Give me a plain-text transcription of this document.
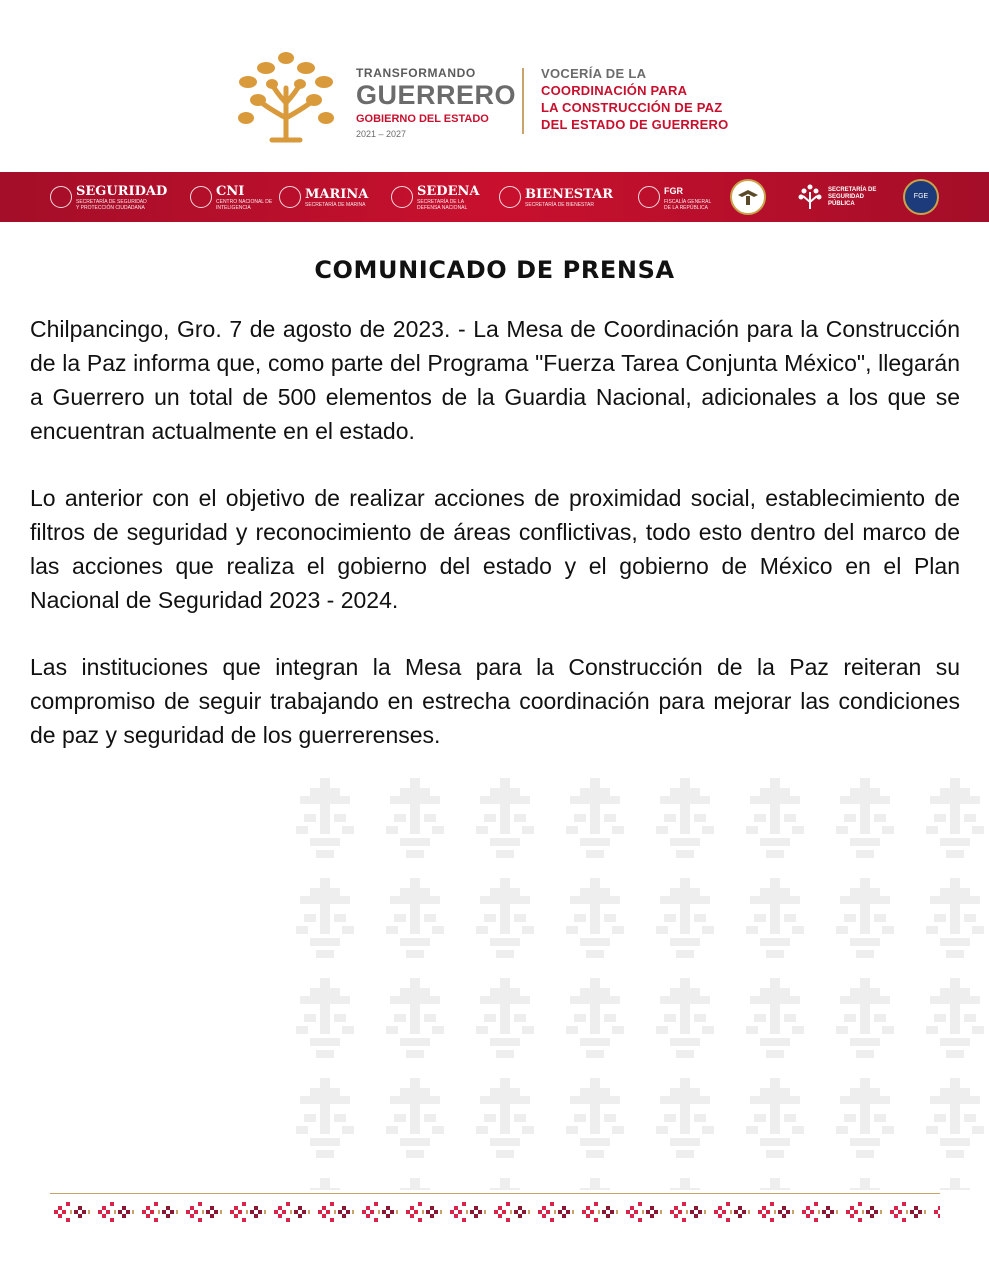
TRANSFORMANDO
GUERRERO
GOBIERNO DEL ESTADO
2021 – 2027
VOCERÍA DE LA
COORDINACIÓN PARA
LA CONSTRUCCIÓN DE PAZ
DEL ESTADO DE GUERRERO
SEGURIDAD
SECRETARÍA DE SEGURIDAD
Y PROTECCIÓN CIUDADANA
CNI
CENTRO NACIONAL DE
INTELIGENCIA
MARINA
SECRETARÍA DE MARINA
SEDENA
SECRETARÍA DE LA
DEFENSA NACIONAL
BIENESTAR
SECRETARÍA DE BIENESTAR
FGR
FISCALÍA GENERAL
DE LA REPÚBLICA
SECRETARÍA DE
SEGURIDAD
PÚBLICA
FGE
COMUNICADO DE PRENSA

Chilpancingo, Gro. 7 de agosto de 2023. - La Mesa de Coordinación para la Construcción de la Paz informa que, como parte del Programa "Fuerza Tarea Conjunta México", llegarán a Guerrero un total de 500 elementos de la Guardia Nacional, adicionales a los que se encuentran actualmente en el estado.

Lo anterior con el objetivo de realizar acciones de proximidad social, establecimiento de filtros de seguridad y reconocimiento de áreas conflictivas, todo esto dentro del marco de las acciones que realiza el gobierno del estado y el gobierno de México en el Plan Nacional de Seguridad 2023 - 2024.

Las instituciones que integran la Mesa para la Construcción de la Paz reiteran su compromiso de seguir trabajando en estrecha coordinación para mejorar las condiciones de paz y seguridad de los guerrerenses.
